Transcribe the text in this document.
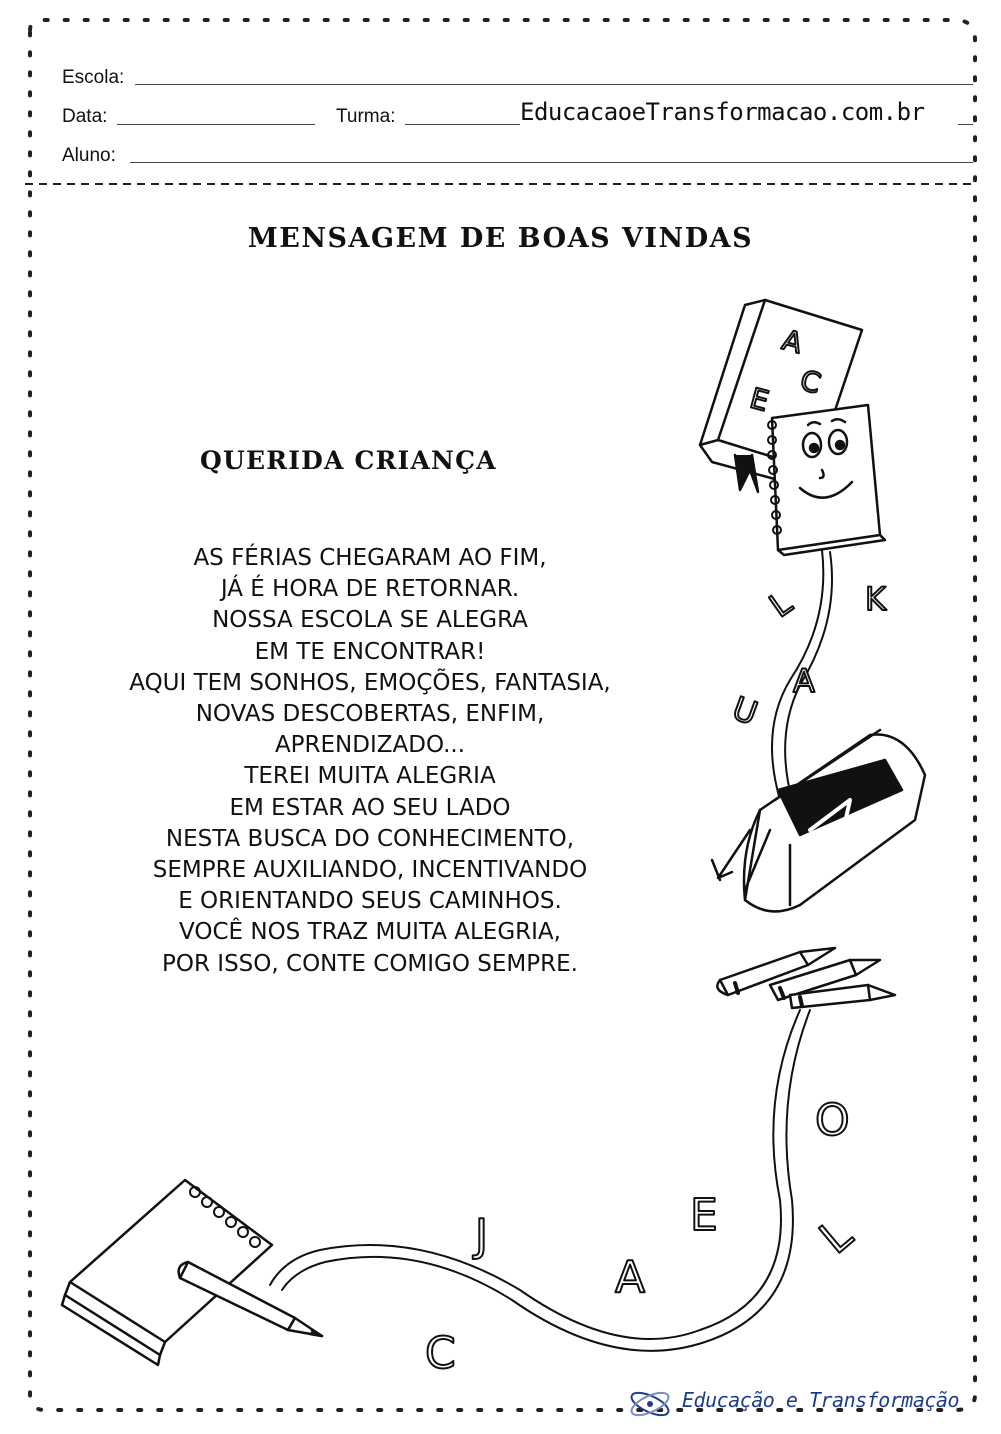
Escola:
Data:	Turma:	EducacaoeTransformacao.com.br
Aluno:
MENSAGEM DE BOAS VINDAS
QUERIDA CRIANÇA
AS FÉRIAS CHEGARAM AO FIM,
JÁ É HORA DE RETORNAR.
NOSSA ESCOLA SE ALEGRA
EM TE ENCONTRAR!
AQUI TEM SONHOS, EMOÇÕES, FANTASIA,
NOVAS DESCOBERTAS, ENFIM,
APRENDIZADO...
TEREI MUITA ALEGRIA
EM ESTAR AO SEU LADO
NESTA BUSCA DO CONHECIMENTO,
SEMPRE AUXILIANDO, INCENTIVANDO
E ORIENTANDO SEUS CAMINHOS.
VOCÊ NOS TRAZ MUITA ALEGRIA,
POR ISSO, CONTE COMIGO SEMPRE.
A
C
E
K
L
A
U
O
E L
J
A
C
Educação e Transformação
